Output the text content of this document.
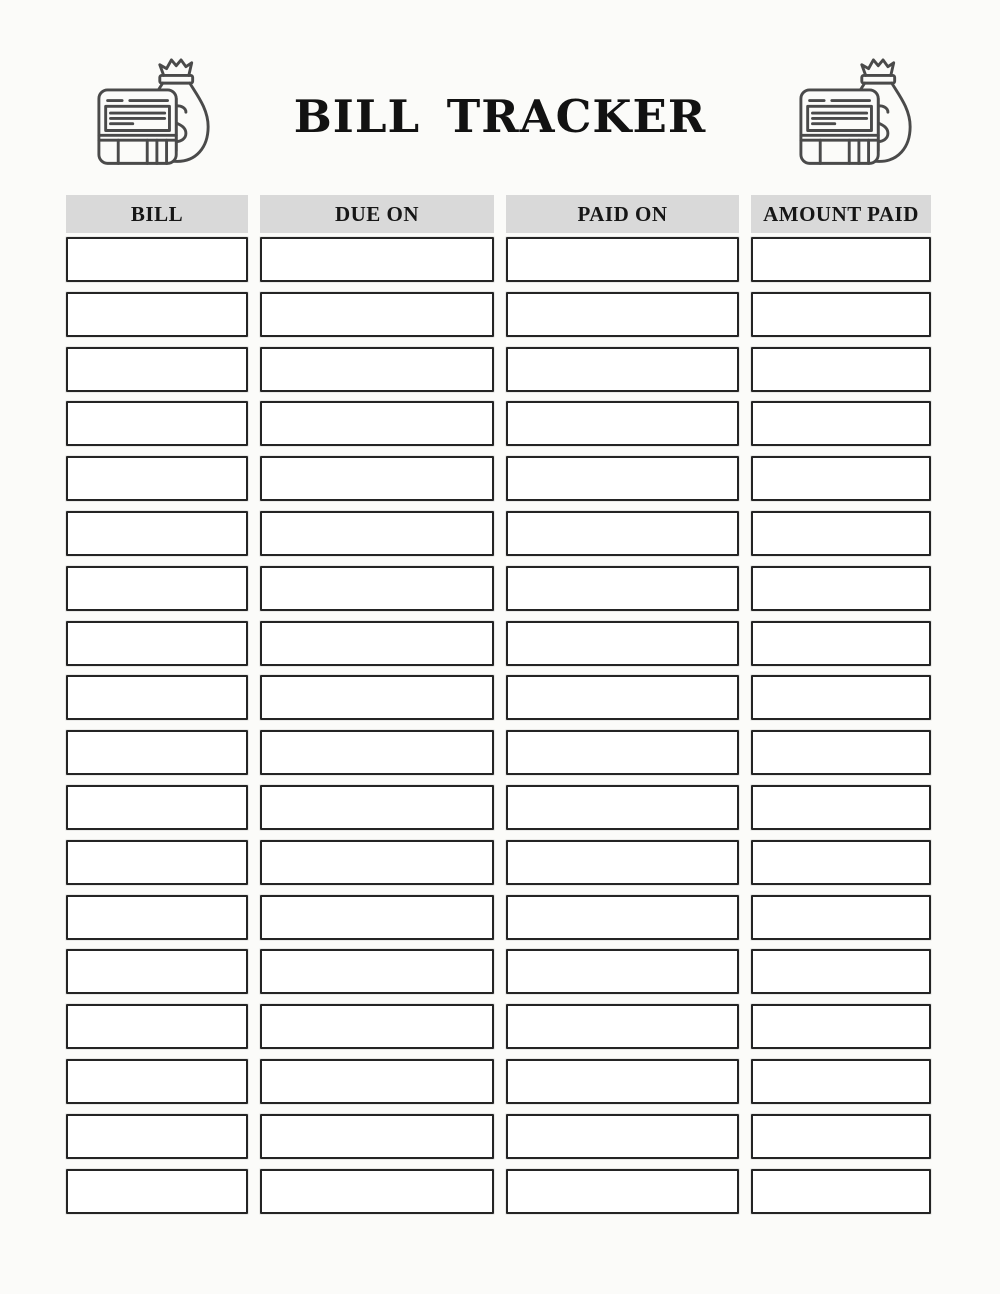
BILL TRACKER
BILL	DUE ON	PAID ON	AMOUNT PAID
